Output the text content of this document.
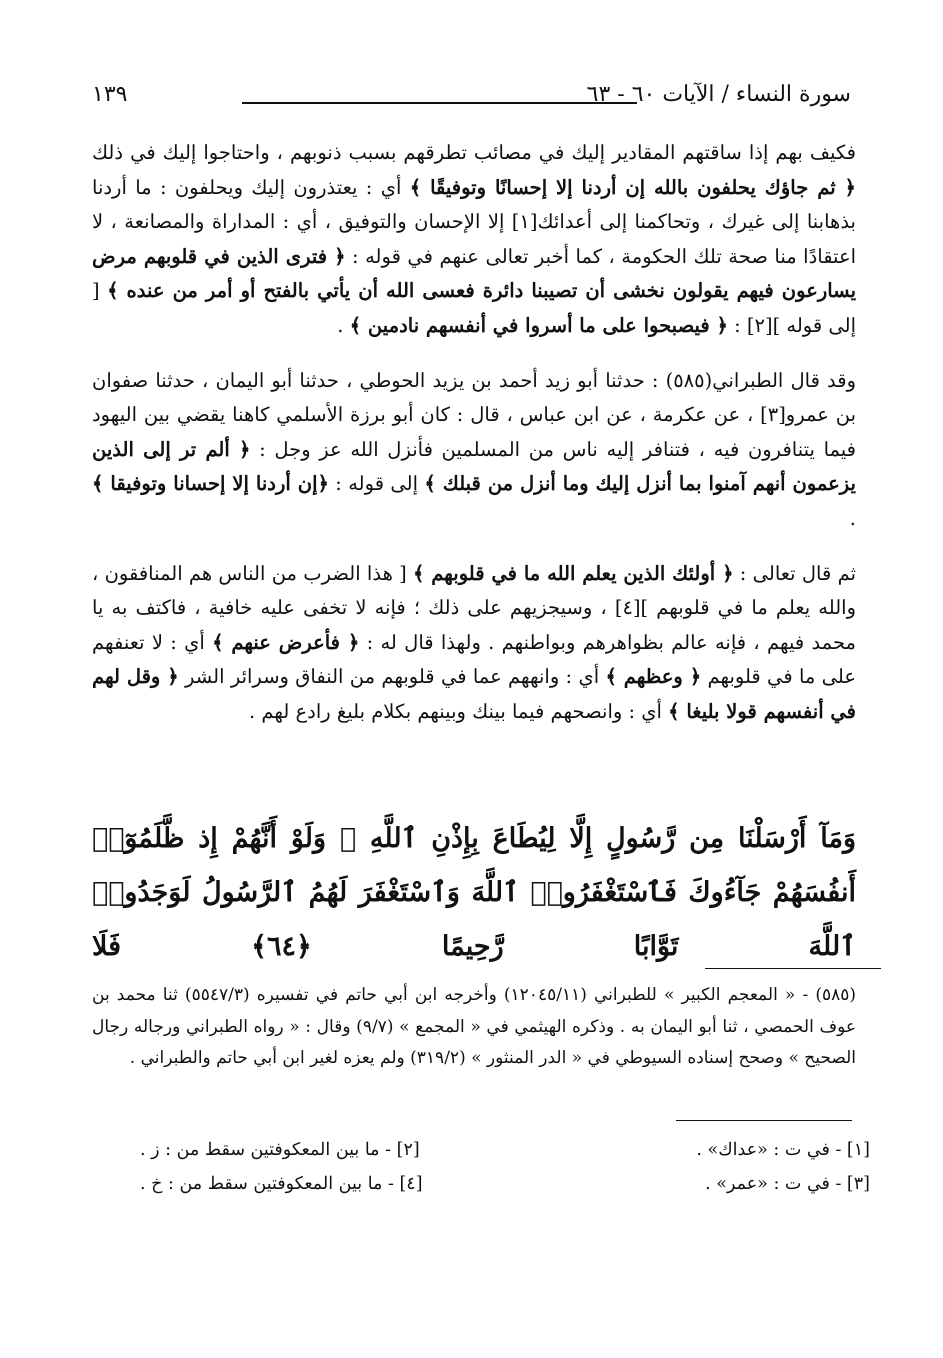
سورة النساء / الآيات ٦٠ - ٦٣
١٣٩

فكيف بهم إذا ساقتهم المقادير إليك في مصائب تطرقهم بسبب ذنوبهم ، واحتاجوا إليك في ذلك ﴿ ثم جاؤك يحلفون بالله إن أردنا إلا إحسانًا وتوفيقًا ﴾ أي : يعتذرون إليك ويحلفون : ما أردنا بذهابنا إلى غيرك ، وتحاكمنا إلى أعدائك[١] إلا الإحسان والتوفيق ، أي : المداراة والمصانعة ، لا اعتقادًا منا صحة تلك الحكومة ، كما أخبر تعالى عنهم في قوله : ﴿ فترى الذين في قلوبهم مرض يسارعون فيهم يقولون نخشى أن تصيبنا دائرة فعسى الله أن يأتي بالفتح أو أمر من عنده ﴾ [ إلى قوله ][٢] : ﴿ فيصبحوا على ما أسروا في أنفسهم نادمين ﴾ .

وقد قال الطبراني(٥٨٥) : حدثنا أبو زيد أحمد بن يزيد الحوطي ، حدثنا أبو اليمان ، حدثنا صفوان بن عمرو[٣] ، عن عكرمة ، عن ابن عباس ، قال : كان أبو برزة الأسلمي كاهنا يقضي بين اليهود فيما يتنافرون فيه ، فتنافر إليه ناس من المسلمين فأنزل الله عز وجل : ﴿ ألم تر إلى الذين يزعمون أنهم آمنوا بما أنزل إليك وما أنزل من قبلك ﴾ إلى قوله : ﴿إن أردنا إلا إحسانا وتوفيقا ﴾ .

ثم قال تعالى : ﴿ أولئك الذين يعلم الله ما في قلوبهم ﴾ [ هذا الضرب من الناس هم المنافقون ، والله يعلم ما في قلوبهم ][٤] ، وسيجزيهم على ذلك ؛ فإنه لا تخفى عليه خافية ، فاكتف به يا محمد فيهم ، فإنه عالم بظواهرهم وبواطنهم . ولهذا قال له : ﴿ فأعرض عنهم ﴾ أي : لا تعنفهم على ما في قلوبهم ﴿ وعظهم ﴾ أي : وانههم عما في قلوبهم من النفاق وسرائر الشر ﴿ وقل لهم في أنفسهم قولا بليغا ﴾ أي : وانصحهم فيما بينك وبينهم بكلام بليغ رادع لهم .

وَمَآ أَرْسَلْنَا مِن رَّسُولٍ إِلَّا لِيُطَاعَ بِإِذْنِ ٱللَّهِ ۚ وَلَوْ أَنَّهُمْ إِذ ظَّلَمُوٓا۟ أَنفُسَهُمْ جَآءُوكَ فَٱسْتَغْفَرُوا۟ ٱللَّهَ وَٱسْتَغْفَرَ لَهُمُ ٱلرَّسُولُ لَوَجَدُوا۟ ٱللَّهَ تَوَّابًا رَّحِيمًا ﴿٦٤﴾ فَلَا
(٥٨٥) - « المعجم الكبير » للطبراني (١٢٠٤٥/١١) وأخرجه ابن أبي حاتم في تفسيره (٥٥٤٧/٣) ثنا محمد بن عوف الحمصي ، ثنا أبو اليمان به . وذكره الهيثمي في « المجمع » (٩/٧) وقال : « رواه الطبراني ورجاله رجال الصحيح » وصحح إسناده السيوطي في « الدر المنثور » (٣١٩/٢) ولم يعزه لغير ابن أبي حاتم والطبراني .
[١] - في ت : «عداك» .
[٢] - ما بين المعكوفتين سقط من : ز .
[٣] - في ت : «عمر» .
[٤] - ما بين المعكوفتين سقط من : خ .
